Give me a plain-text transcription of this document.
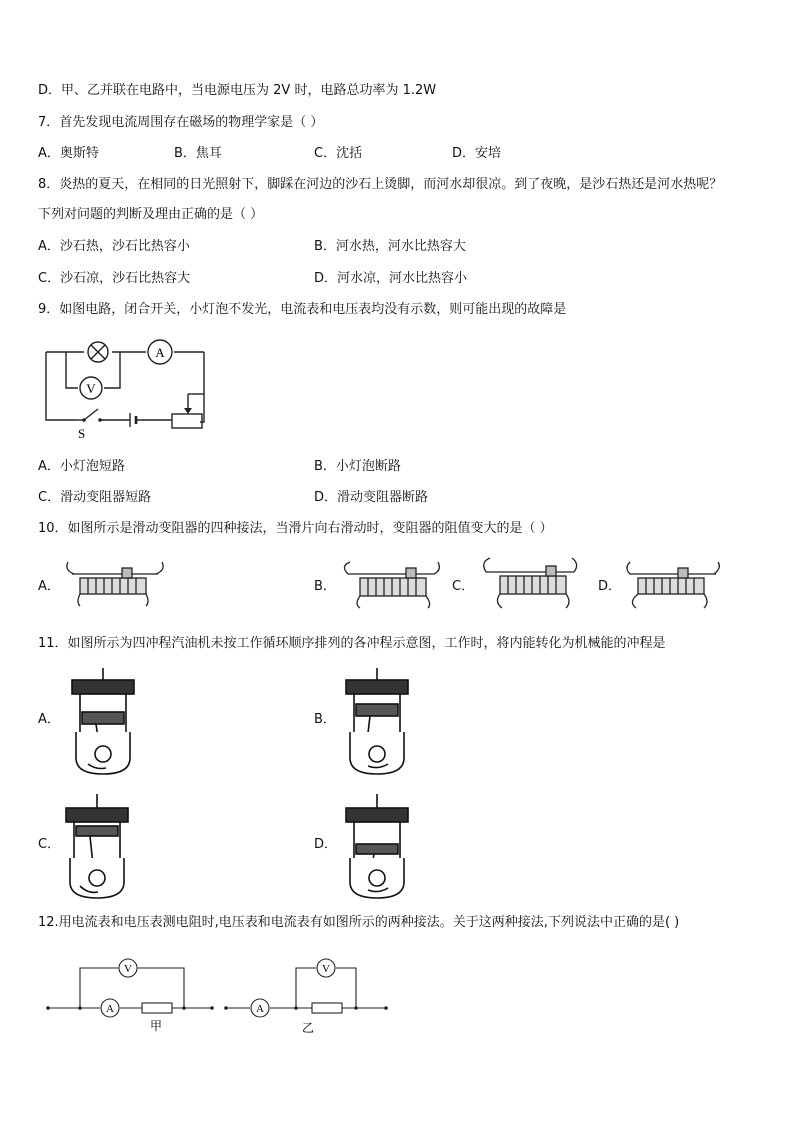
D．甲、乙并联在电路中，当电源电压为 2V 时，电路总功率为 1.2W
7．首先发现电流周围存在磁场的物理学家是（ ）
A．奥斯特	B．焦耳	C．沈括	D．安培
8．炎热的夏天，在相同的日光照射下，脚踩在河边的沙石上烫脚，而河水却很凉。到了夜晚，是沙石热还是河水热呢？
下列对问题的判断及理由正确的是（ ）
A．沙石热，沙石比热容小	B．河水热，河水比热容大
C．沙石凉，沙石比热容大	D．河水凉，河水比热容小
9．如图电路，闭合开关，小灯泡不发光，电流表和电压表均没有示数，则可能出现的故障是
A
V
S
A．小灯泡短路	B．小灯泡断路
C．滑动变阻器短路	D．滑动变阻器断路
10．如图所示是滑动变阻器的四种接法，当滑片向右滑动时，变阻器的阻值变大的是（ ）
A．	B．	C．	D．
11．如图所示为四冲程汽油机未按工作循环顺序排列的各冲程示意图，工作时，将内能转化为机械能的冲程是
A．	B．
C．	D．
12.用电流表和电压表测电阻时,电压表和电流表有如图所示的两种接法。关于这两种接法,下列说法中正确的是( )
V
A
V
A
甲	乙
